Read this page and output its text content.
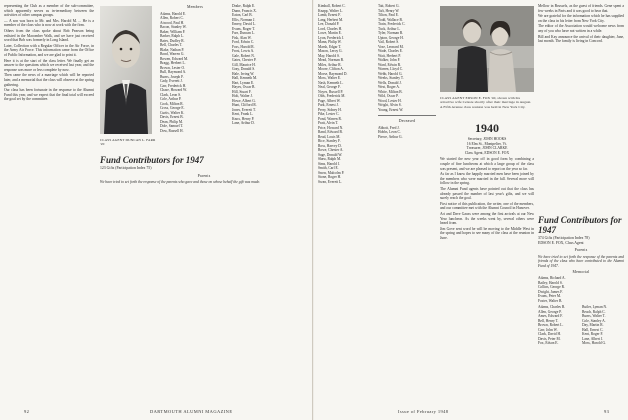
representing the Club as a member of the sub-committee, which apparently serves as in-termediary between the activities of other campus groups.

— A son was born to Mr. and Mrs. Harold M. ... He is a member of the class who is now at work with the firm.

Others from the class spoke about Bob Pearson being enlisted in the Macomber Walk, and we have just received word that Bob was formerly in Long Island.

Later, Collection with a Regular Officer in the Air Force, in the Army Air Force. This information came from the Office of Public Information, and we are glad to print it.

Here it is at the start of the class letter. We finally get an answer to the questions which we received last year, and the response was more or less complete by now.

Then came the news of a marriage which will be reported later, and a memorial that the class will observe at the spring gathering.

Our class has been fortunate in the response to the Alumni Fund this year, and we expect that the final total will exceed the goal set by the committee.

CLASS AGENT DUNCAN L. FARR '20
Members
Adams, Harold E.
Allen, Robert C.
Atwood, Paul H.
Bacon, Stanley W.
Baker, William F.
Barker, Ralph L.
Bates, Dudley R.
Bell, Charles T.
Blake, Nathan P.
Bond, Warren G.
Bowen, Edward M.
Bragg, Herbert L.
Brown, Lester O.
Bull, Raymond A.
Burns, Joseph F.
Cady, Everett J.
Carr, Frederick H.
Chase, Howard W.
Clark, Leon S.
Cole, Arthur P.
Cook, Milton R.
Cross, George E.
Curtis, Walter K.
Davis, Ernest B.
Dean, Philip M.
Dole, Samuel T.
Dow, Russell H.
Drake, Ralph E.
Dunn, Francis X.
Eaton, Carl B.
Ellis, Norman J.
Emery, David L.
Evans, Roger T.
Farr, Duncan L.
Fisk, Alan W.
Ford, Edwin C.
Foss, Harold R.
Frost, Lewis A.
Gale, Robert N.
Gates, Chester P.
Gill, Maurice H.
Gray, Donald S.
Hale, Irving W.
Hall, Kenneth M.
Hart, Lyman E.
Hayes, Oscar B.
Hill, Stuart F.
Holt, Walter J.
Howe, Albert G.
Hunt, Clifford R.
Jones, Everett T.
Kent, Frank L.
Knox, Henry P.
Lane, Arthur D.
Fund Contributors for 1947
123 Gifts (Participation Index 75)
Parents

We have tried to set forth the response of the parents who gave and those on whose behalf the gift was made.

92	DARTMOUTH ALUMNI MAGAZINE
Kimball, Robert C.
Knapp, Walter L.
Lamb, Ernest F.
Lang, Herbert M.
Lee, Donald P.
Lord, Charles H.
Lowe, Martin E.
Lyon, Frederick J.
Mann, Philip W.
Marsh, Edgar T.
Mason, Leroy G.
May, Harold S.
Mead, Norman B.
Miles, Arthur R.
Moore, Clifton A.
Morse, Raymond D.
Moss, Walter E.
Nash, Kenneth L.
Neal, George F.
Noyes, Russell P.
Olds, Frederick M.
Page, Albert W.
Park, Ernest J.
Perry, Sidney H.
Pike, Lester C.
Pond, Warren R.
Pratt, Alvin T.
Price, Howard N.
Rand, Edward B.
Read, Louis M.
Rice, Stanley F.
Ross, Harvey D.
Rowe, Chester A.
Sage, Donald W.
Shaw, Ralph M.
Sims, Harold J.
Smith, Carl E.
Snow, Malcolm P.
Stone, Roger H.
Swan, Everett L.
Tait, Robert G.
Taft, Henry W.
Tilton, Paul E.
Todd, Wallace B.
Train, Frederick C.
Tuck, Arthur L.
Tyler, Norman R.
Upton, George H.
Vail, Robert S.
Vose, Leonard M.
Wade, Charles E.
Wait, Herbert P.
Walker, John F.
Ward, Edwin R.
Warren, Lloyd C.
Webb, Harold G.
Weeks, Stanley T.
Wells, Donald J.
West, Roger A.
White, Milton B.
Wild, Oscar P.
Wood, Lester H.
Wright, Alvin S.
Young, Ernest W.
Deceased
Abbott, Fred J.
Hobbs, Leon C.
Pierce, Arthur G.
CLASS AGENT EDSON E. FOX '40, shown with his attractive wife Celeste shortly after their marriage in August. A Fifth Avenue class reunion was held in New York City.
1940
Secretary, JOHN HOOKS
16 Elm St., Montpelier, Vt.
Treasurer, JOHN CLARKE
Class Agent, EDSON E. FOX

We started the new year off in good form by combining a couple of fine luncheons at which a large group of the class was present, and we are pleased to report on the year so far.

As far as I know the happily married men have been joined by the members who were married in the fall. Several more will follow in the spring.

The Alumni Fund agents have pointed out that the class has already passed the number of last year's gifts, and we will surely reach the goal.

First notice of this publication, the writer, one of the members, and our committee met with the Alumni Council in Hanover.

Art and Dave Gauss were among the first arrivals at our New Year luncheon. As the weeks went by, several others were heard from.

Jim Gove sent word he will be moving to the Middle West in the spring and hopes to see many of the class at the reunion in June.

Mellow in Brussels, as the guest of friends. Gene spent a few weeks in Paris and it was good to hear that.

We are grateful for the information which he has supplied on the class in his letter from New York City.

The editor of the Association would welcome news from any of you who have not written in a while.

Bill and Kay announce the arrival of their daughter, Jane, last month. The family is living in Concord.

Fund Contributors for 1947
374 Gifts (Participation Index 78)
EDSON E. FOX, Class Agent
Parents

We have tried to set forth the response of the parents and friends of the class who have contributed to the Alumni Fund of 1947.

Memorial
Adams, Richard A.
Bailey, Harold S.
Collins, George R.
Dwight, James F.
Evans, Peter M.
Foster, Walter B.
Adams, Charles B.
Allen, George P.
Ames, Edward F.
Bell, Henry T.
Brown, Robert L.
Carr, John W.
Clark, David H.
Davis, Peter M.
Fox, Edson E.
Butler, Lyman N.
Beach, Ralph C.
Burns, Walter T.
Cole, Stanley A.
Day, Martin R.
Hall, Ernest C.
Kent, Roger F.
Lane, Albert J.
Moss, Harold G.
Issue of February 1948	93
